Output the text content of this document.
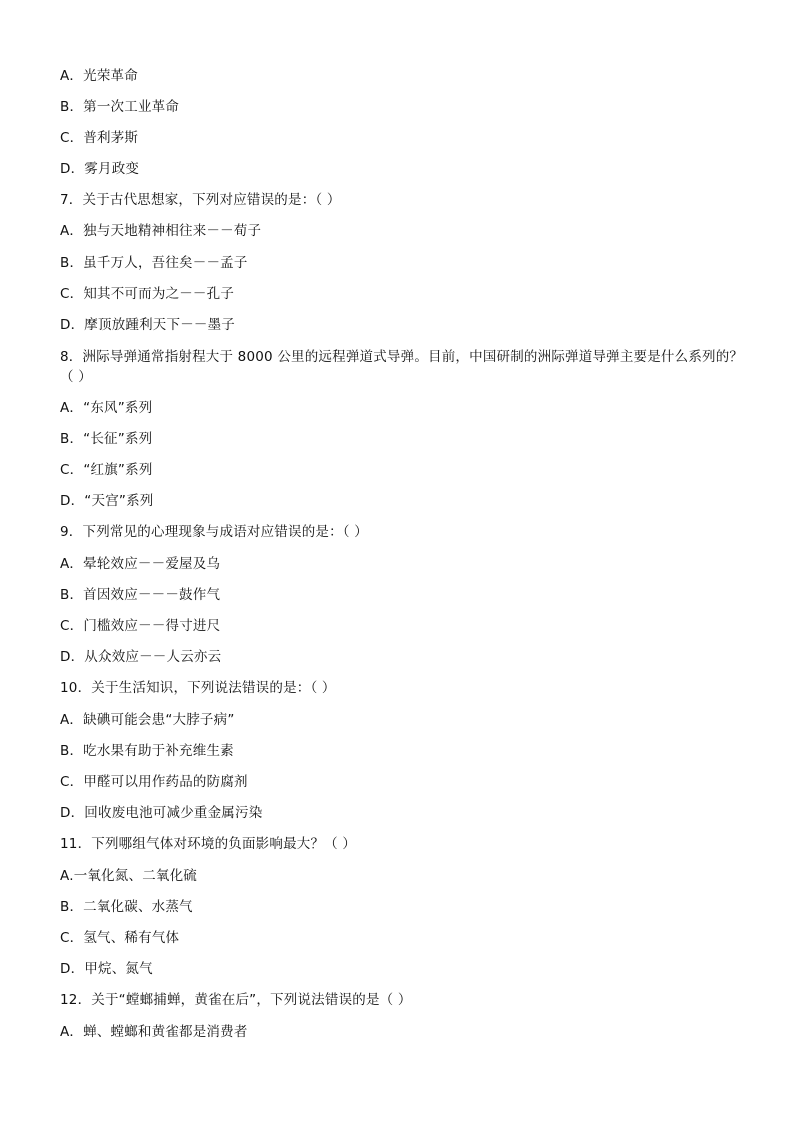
A．光荣革命
B．第一次工业革命
C．普利茅斯
D．雾月政变
7．关于古代思想家，下列对应错误的是：（ ）
A．独与天地精神相往来－－荀子
B．虽千万人，吾往矣－－孟子
C．知其不可而为之－－孔子
D．摩顶放踵利天下－－墨子
8．洲际导弹通常指射程大于 8000 公里的远程弹道式导弹。目前，中国研制的洲际弹道导弹主要是什么系列的？（ ）
A．“东风”系列
B．“长征”系列
C．“红旗”系列
D．“天宫”系列
9．下列常见的心理现象与成语对应错误的是：（ ）
A．晕轮效应－－爱屋及乌
B．首因效应－－－鼓作气
C．门槛效应－－得寸进尺
D．从众效应－－人云亦云
10．关于生活知识，下列说法错误的是：（ ）
A．缺碘可能会患“大脖子病”
B．吃水果有助于补充维生素
C．甲醛可以用作药品的防腐剂
D．回收废电池可减少重金属污染
11．下列哪组气体对环境的负面影响最大？（ ）
A.一氧化氮、二氧化硫
B．二氧化碳、水蒸气
C．氢气、稀有气体
D．甲烷、氮气
12．关于“螳螂捕蝉，黄雀在后”，下列说法错误的是（ ）
A．蝉、螳螂和黄雀都是消费者
